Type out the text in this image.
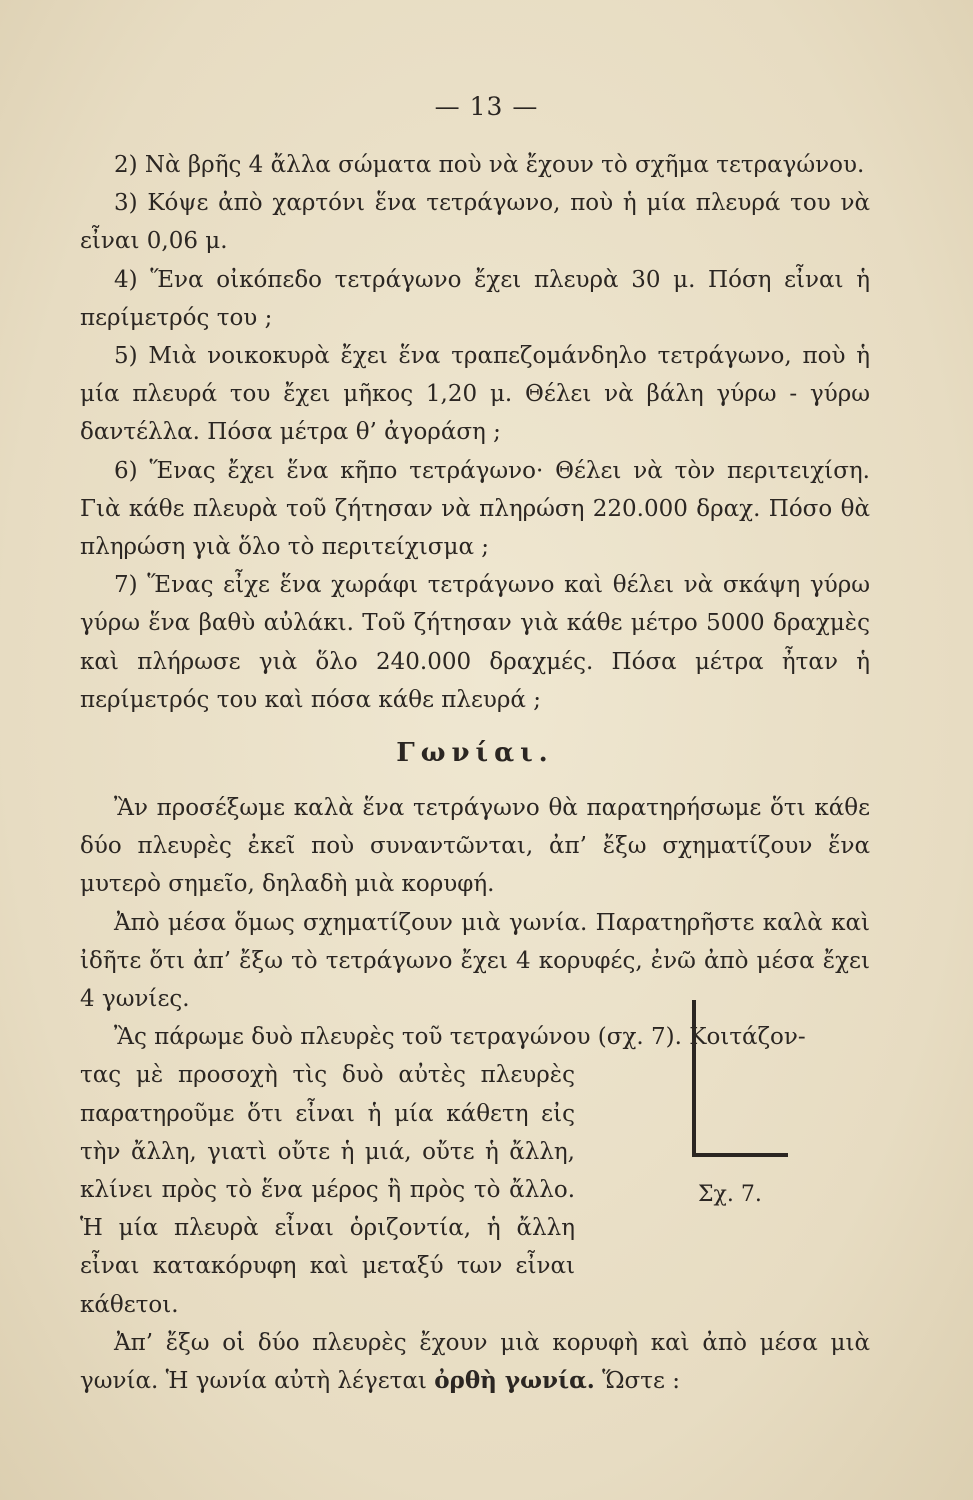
— 13 —

2) Νὰ βρῆς 4 ἄλλα σώματα ποὺ νὰ ἔχουν τὸ σχῆμα τετραγώνου.

3) Κόψε ἀπὸ χαρτόνι ἕνα τετράγωνο, ποὺ ἡ μία πλευρά του νὰ εἶναι 0,06 μ.

4) Ἕνα οἰκόπεδο τετράγωνο ἔχει πλευρὰ 30 μ. Πόση εἶναι ἡ περίμετρός του ;

5) Μιὰ νοικοκυρὰ ἔχει ἕνα τραπεζομάνδηλο τετράγωνο, ποὺ ἡ μία πλευρά του ἔχει μῆκος 1,20 μ. Θέλει νὰ βάλη γύρω - γύρω δαντέλλα. Πόσα μέτρα θ’ ἀγοράση ;

6) Ἕνας ἔχει ἕνα κῆπο τετράγωνο· Θέλει νὰ τὸν περιτειχίση. Γιὰ κάθε πλευρὰ τοῦ ζήτησαν νὰ πληρώση 220.000 δραχ. Πόσο θὰ πληρώση γιὰ ὅλο τὸ περιτείχισμα ;

7) Ἕνας εἶχε ἕνα χωράφι τετράγωνο καὶ θέλει νὰ σκάψη γύρω γύρω ἕνα βαθὺ αὐλάκι. Τοῦ ζήτησαν γιὰ κάθε μέτρο 5000 δραχμὲς καὶ πλήρωσε γιὰ ὅλο 240.000 δραχμές. Πόσα μέτρα ἦταν ἡ περίμετρός του καὶ πόσα κάθε πλευρά ;

Γωνίαι.

Ἂν προσέξωμε καλὰ ἕνα τετράγωνο θὰ παρατηρήσωμε ὅτι κάθε δύο πλευρὲς ἐκεῖ ποὺ συναντῶνται, ἀπ’ ἔξω σχηματίζουν ἕνα μυτερὸ σημεῖο, δηλαδὴ μιὰ κορυφή.

Ἀπὸ μέσα ὅμως σχηματίζουν μιὰ γωνία. Παρατηρῆστε καλὰ καὶ ἰδῆτε ὅτι ἀπ’ ἔξω τὸ τετράγωνο ἔχει 4 κορυφές, ἐνῶ ἀπὸ μέσα ἔχει 4 γωνίες.

Ἂς πάρωμε δυὸ πλευρὲς τοῦ τετραγώνου (σχ. 7). Κοιτάζον-

τας μὲ προσοχὴ τὶς δυὸ αὐτὲς πλευρὲς παρατηροῦμε ὅτι εἶναι ἡ μία κάθετη εἰς τὴν ἄλλη, γιατὶ οὔτε ἡ μιά, οὔτε ἡ ἄλλη, κλίνει πρὸς τὸ ἕνα μέρος ἢ πρὸς τὸ ἄλλο. Ἡ μία πλευρὰ εἶναι ὁριζοντία, ἡ ἄλλη εἶναι κατακόρυφη καὶ μεταξύ των εἶναι κάθετοι.

Ἀπ’ ἔξω οἱ δύο πλευρὲς ἔχουν μιὰ κορυφὴ καὶ ἀπὸ μέσα μιὰ γωνία. Ἡ γωνία αὐτὴ λέγεται ὀρθὴ γωνία. Ὥστε :

Σχ. 7.
